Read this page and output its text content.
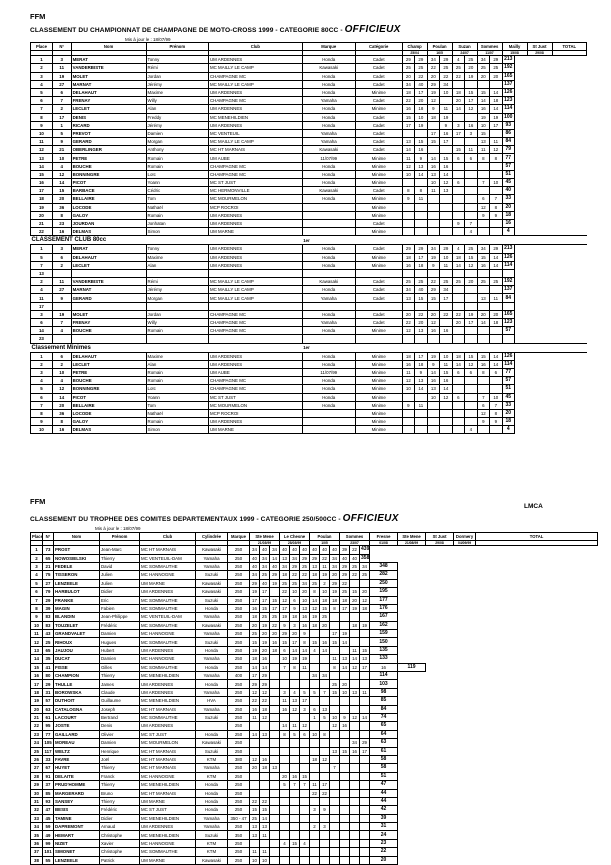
FFM
CLASSEMENT DU CHAMPIONNAT DE CHAMPAGNE DE MOTO-CROSS 1999 - CATEGORIE 80CC - OFFICIEUX
Mis à jour le : 18/07/99
Place	N°	Nom	Prénom	Club	Marque	Catégorie	Champ		Poulan		Suzan		Sommes		Mailly	St Just	TOTAL
							25/04		16/5		24/07		11/07		15/08	29/08	
1	3	MERAT	Tonny	UM ARDENNES	Honda	Cadet	29	29	34	29	4	25	34	29	213		
2	11	VANDERBISTE	Rémi	MC MAILLY LE CAMP	Kawasaki	Cadet	25	25	22	25	25	20	25	25	192		
3	19	MOLET	Jordan	CHAMPAGNE MC	Honda	Cadet	20	22	20	22	22	19	20	20	165		
4	27	MARNAT	Jérémy	MC MAILLY LE CAMP	Honda	Cadet	34	40	29	34					137		
5	6	DELAHAUT	Maxime	UM ARDENNES	Honda	Minime	18	17	19	10	18	15	15	14	126		
6	7	FRENAY	Willy	CHAMPAGNE MC	Yamaha	Cadet	22	20	12		20	17	14	18	123		
7	2	LECLET	Alan	UM ARDENNES	Honda	Minime	16	18	9	11	14	12	16	14	114		
8	17	DENIS	Freddy	MC MENEHILDIEN	Honda	Cadet	15	10	18	19			19	19	100		
9	1	RICARD	Jérémy	UM ARDENNES	Honda	Cadet	17	19		9	3	16	10	17	93		
10	5	PREVOT	Damien	MC VENTEUIL	Yamaha	Cadet			17	16	17	3	15		86		
11	9	GERARD	Morgan	MC MAILLY LE CAMP	Yamaha	Cadet	13	15	15	17			13	11	84		
12	21	OBERLINGER	Anthony	MC HT MARNAIS	Kawasaki	Cadet	14	16			15	11	11	12	79		
13	10	PETRE	Romain	UM AUBE	11/07/99	Minime	11	9	14	15	6	6	8	8	77		
14	4	BOUCHE	Romain	CHAMPAGNE MC	Honda	Minime	12	13	16	16					57		
15	12	BONNINGRE	Loïc	CHAMPAGNE MC	Honda	Minime	10	14	13	14					51		
16	14	PICOT	Yoann	MC ST JUST	Honda	Minime			10	12	6		7	10	45		
17	15	BARBACE	Cédric	MC HERMONVILLE	Kawasaki	Cadet	8	8	11	13					40		
18	20	BELLAIRE	Tom	MC MOURMELON	Honda	Minime	9	11					6	7	33		
19	36	LOCODE	Nathaël	MCP ROCROI		Minime							12	8	20		
20	8	GALOY	Romain	UM ARDENNES		Minime							9	9	18		
21	23	JOURDAN	Jonhatan	UM ARDENNES		Cadet					9	7			16		
22	16	DELMAS	Simon	UM MARNE		Minime						4			4		
CLASSEMENT CLUB 80cc					1er												
1	3	MERAT	Tonny	UM ARDENNES	Honda	Cadet	29	29	34	29	4	25	34	29	213		
5	6	DELAHAUT	Maxime	UM ARDENNES	Honda	Minime	18	17	19	10	18	15	15	14	126		
7	2	LECLET	Alan	UM ARDENNES	Honda	Minime	16	18	9	11	14	12	16	14	114		
13																	
2	11	VANDERBISTE	Rémi	MC MAILLY LE CAMP	Kawasaki	Cadet	25	25	22	25	25	20	25	25	192		
4	27	MARNAT	Jérémy	MC MAILLY LE CAMP	Honda	Cadet	34	40	29	34					137		
11	9	GERARD	Morgan	MC MAILLY LE CAMP	Yamaha	Cadet	13	15	15	17			13	11	84		
17																	
3	19	MOLET	Jordan	CHAMPAGNE MC	Honda	Cadet	20	22	20	22	22	19	20	20	165		
6	7	FRENAY	Willy	CHAMPAGNE MC	Yamaha	Cadet	22	20	12		20	17	14	18	123		
14	4	BOUCHE	Romain	CHAMPAGNE MC	Honda	Minime	12	13	16	16					57		
23																	
Classement Minimes					1er												
1	6	DELAHAUT	Maxime	UM ARDENNES	Honda	Minime	18	17	19	10	18	15	15	14	126		
2	2	LECLET	Alan	UM ARDENNES	Honda	Minime	16	18	9	11	14	12	16	14	114		
3	10	PETRE	Romain	UM AUBE	11/07/99	Minime	11	9	14	15	6	6	8	6	77		
4	4	BOUCHE	Romain	CHAMPAGNE MC	Honda	Minime	12	13	16	16					57		
5	12	BONNINGRE	Loïc	CHAMPAGNE MC	Honda	Minime	10	14	13	14					51		
6	14	PICOT	Yoann	MC ST JUST	Honda	Minime			10	12	6		7	10	45		
7	20	BELLAIRE	Tom	MC MOURMELON	Honda	Minime	9	11					6	7	33		
8	36	LOCODE	Nathaël	MCP ROCROI		Minime							12	8	20		
9	8	GALOY	Romain	UM ARDENNES		Minime							9	9	18		
10	16	DELMAS	Simon	UM MARNE		Minime						4			4		
FFM
LMCA
CLASSEMENT DU TROPHEE DES COMITES DEPARTEMENTAUX 1999 - CATEGORIE 250/500CC - OFFICIEUX
Mis à jour le : 18/07/99
Place	N°	Nom	Prénom	Club	Cylindrée	Marque	Ste Mene			Le Chesne			Poulan			Sommes			Fresne	Ste Mene	St Just	Dormery	TOTAL
							21/03/99			28/03/99			1/05			23/07			01/08	21/08/99	29/08	04/09/99	
1	73	PROST	Jean-Marc	MC HT MARNAIS	Kawasaki	250	34	40	34	40	40	40	40	40	40	39	22	439					
2	65	NOWOSIELSKI	Thierry	MC VENTEUIL-DAM	Yamaha	250	40	34	14	13	34	29	29	22	34	40	40	358					
3	21	FEDELE	David	MC SOMMAUTHE	Yamaha	250	40	34	40	34	29	25	13	11	34	29	25	34	348				
4	75	TISSERON	Julien	MC HANNOGNE	Suzuki	250	34	25	29	18	22	22	18	19	20	29	22	25	282				
5	27	LENZEELE	Julien	UM MARNE	Kawasaki	250	29	40	19	25	25	34	25	2	29	22			250				
6	79	HARBULOT	Didier	UM ARDENNES	Kawasaki	250	19	17		22	10	20	8	10	19	25	15	20	195				
7	29	FRANKE	Eric	MC SOMMAUTHE	Suzuki	250	17	17	15	12	6	10	14	18	18	18	20	12	177				
8	39	MAGIN	Fabien	MC SOMMAUTHE	Honda	250	16	15	17	17	9	13	12	15	8	17	19	18	176				
9	83	BLANDIN	Jean-Philippe	MC VENTEUIL-DAM	Yamaha	250	18	25	25	19	18	16	19	25					167				
10	83	TOUZELET	Frédéric	MC SOMMAUTHE	Kawasaki	250	20	19	22	9	3	16	18	20			18	19	162				
11	43	GRANDVALET	Damien	MC HANNOGNE	Yamaha	250	25	20	20	29	20	9			17	19			159				
12	25	RIHOUX	Hugues	MC SOMMAUTHE	Suzuki	250	15	19	16	15	17	8	15	16	15	14			150				
13	65	JAUJOU	Hubert	UM ARDENNES	Honda	250	19	20	18	6	14	14	4	14			11	15	135				
14	35	DUCAT	Damien	MC HANNOGNE	Yamaha	250	18	16		10	19	19			11	13	14	13	133				
15	41	FISSE	Gilles	MC SOMMAUTHE	Honda	250	14	14		7	8	11			8	14	12	17	16	119			
16	80	CHAMPION	Thierry	MC MENEHILDIEN	Yamaha	400	17	29					34	34					114				
17	29	THULLE	James	UM ARDENNES	Honda	250	29	29							25	20			103				
18	31	BOROWSKA	Claude	UM ARDENNES	Yamaha	250	12	12		3	4	5	5	7	15	10	13	11	98				
19	57	DUTHOIT	Guillaume	MC MENEHILDIEN	HVA	250	22	22		11	13	17							85				
20	63	CATALOGNA	Joseph	MC HT MARNAIS	Yamaha	250	16	18		16	12	3	6	13					84				
21	61	LACOURT	Bertrand	MC SOMMAUTHE	Suzuki	250	11	12					1	5	10	9	12	14	74				
22	95	JOSTE	Denis	UM ARDENNES		250				14	11	12			12	16			65				
23	77	GAILLARD	Olivier	MC ST JUST	Honda	250	14	13		8	5	6	10	8					64				
24	105	MOREAU	Damien	MC MOURMELON	Kawasaki	250											34	29	63				
25	117	WELTZ	Henrique	MC HT MARNAIS	Suzuki	250									13	15	16	17	61				
26	33	FAVRE	Joël	MC HT MARNAIS	KTM	380	12	16					18	12					58				
27	67	HUYET	Thierry	MC HT MARNAIS	Yamaha	250	20	18	13						7				58				
28	91	DELAITE	Franck	MC HANNOGNE	KTM	250				20	16	15							51				
29	37	PRUD'HOMME	Thierry	MC MENEHILDIEN	Honda	250				5	7	7	11	17					47				
30	85	MARGERARD	Bruno	MC HT MARNAIS	Honda	250							22	22					44				
31	93	SANSEY	Thierry	UM MARNE	Honda	250	22	22											44				
32	47	BESIS	Frédéric	MC ST JUST	Honda	250	15	15					3	9					42				
33	45	TAMINE	Didier	MC MENEHILDIEN	Yamaha	350 - 47	25	14											39				
34	59	DAPREMONT	Arnaud	UM ARDENNES	Yamaha	250	13	13					2	3					31				
35	49	HEMART	Christophe	MC MENEHILDIEN	Suzuki	350	13	11											24				
36	99	NIZET	Xavier	MC HANNOGNE	KTM	250				4	15	4							23				
37	101	SIMONET	Christophe	MC SOMMAUTHE	KTM	250	11	11											22				
38	55	LENZEELE	Patrick	UM MARNE	Kawasaki	250	10	10											20				
